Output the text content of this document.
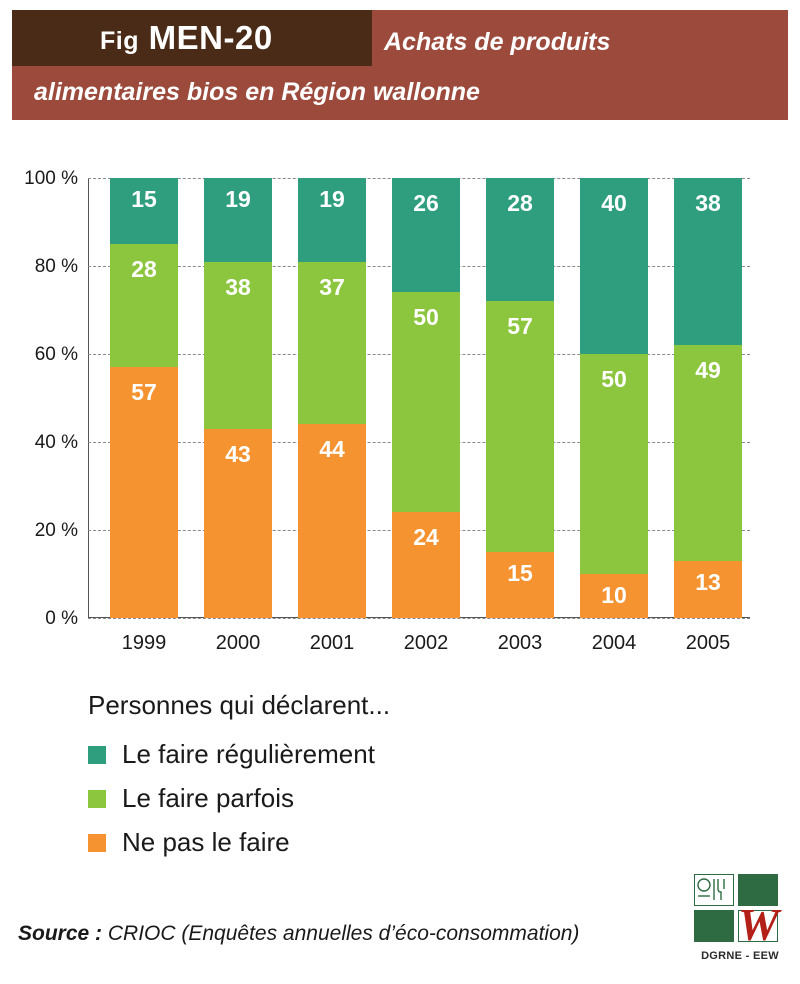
Fig MEN-20	Achats de produits
alimentaires bios en Région wallonne
0 %
20 %
40 %
60 %
80 %
100 %
57
28
15
1999
43
38
19
2000
44
37
19
2001
24
50
26
2002
15
57
28
2003
10
50
40
2004
13
49
38
2005
Personnes qui déclarent...
Le faire régulièrement
Le faire parfois
Ne pas le faire
Source : CRIOC (Enquêtes annuelles d’éco-consommation)	W
DGRNE - EEW
